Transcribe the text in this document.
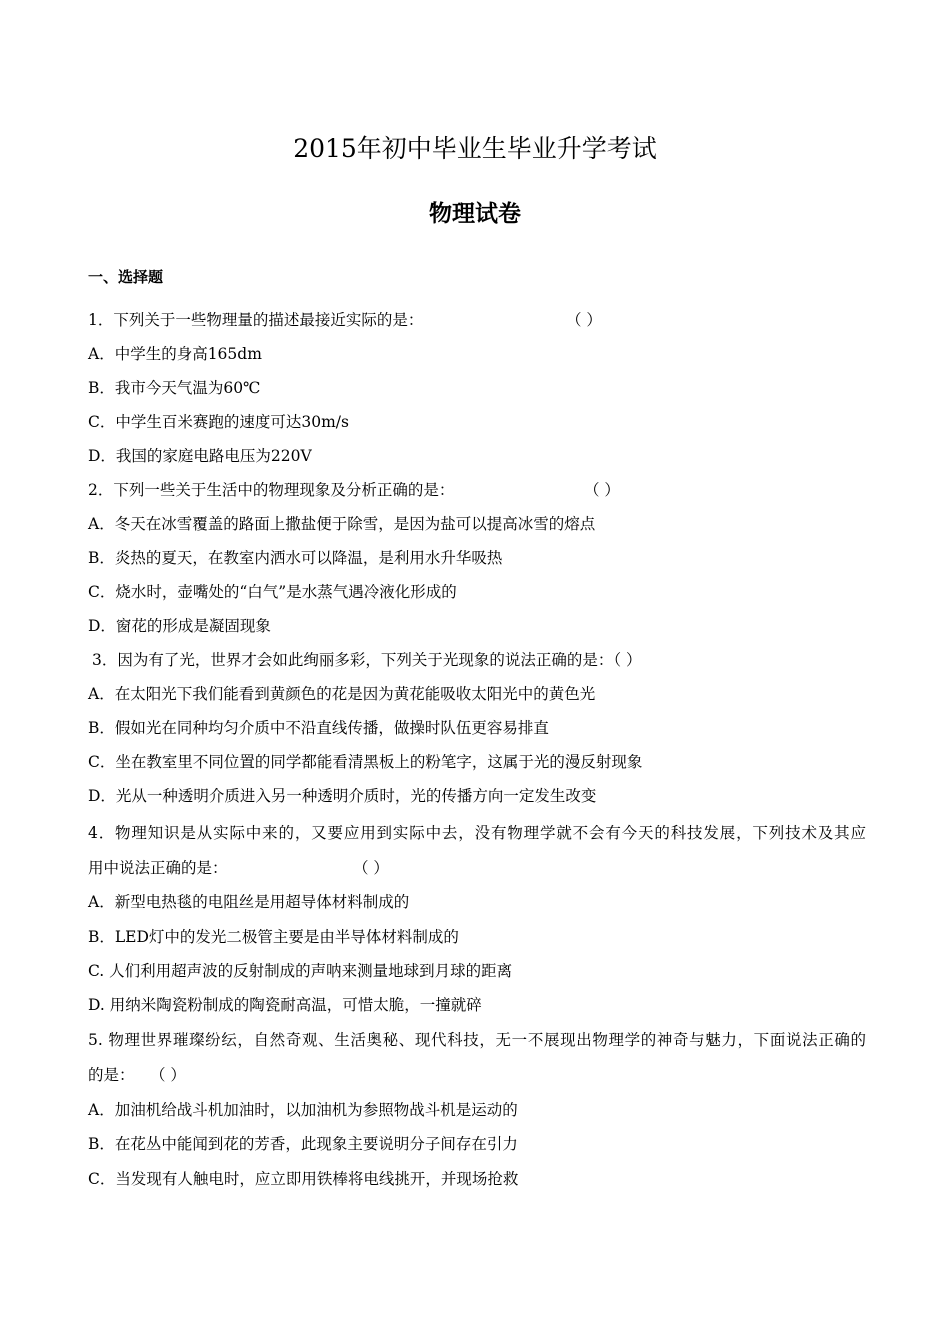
2015年初中毕业生毕业升学考试
物理试卷
一、选择题
1．下列关于一些物理量的描述最接近实际的是：	（ ）
A．中学生的身高165dm
B．我市今天气温为60℃
C．中学生百米赛跑的速度可达30m/s
D．我国的家庭电路电压为220V
2．下列一些关于生活中的物理现象及分析正确的是：	（ ）
A．冬天在冰雪覆盖的路面上撒盐便于除雪，是因为盐可以提高冰雪的熔点
B．炎热的夏天，在教室内洒水可以降温，是利用水升华吸热
C．烧水时，壶嘴处的“白气”是水蒸气遇冷液化形成的
D．窗花的形成是凝固现象
3．因为有了光，世界才会如此绚丽多彩，下列关于光现象的说法正确的是：（ ）
A．在太阳光下我们能看到黄颜色的花是因为黄花能吸收太阳光中的黄色光
B．假如光在同种均匀介质中不沿直线传播，做操时队伍更容易排直
C．坐在教室里不同位置的同学都能看清黑板上的粉笔字，这属于光的漫反射现象
D．光从一种透明介质进入另一种透明介质时，光的传播方向一定发生改变
4．物理知识是从实际中来的，又要应用到实际中去，没有物理学就不会有今天的科技发展，下列技术及其应
用中说法正确的是：	（ ）
A．新型电热毯的电阻丝是用超导体材料制成的
B．LED灯中的发光二极管主要是由半导体材料制成的
C. 人们利用超声波的反射制成的声呐来测量地球到月球的距离
D. 用纳米陶瓷粉制成的陶瓷耐高温，可惜太脆，一撞就碎
5. 物理世界璀璨纷纭，自然奇观、生活奥秘、现代科技，无一不展现出物理学的神奇与魅力，下面说法正确的
的是： （ ）
A．加油机给战斗机加油时，以加油机为参照物战斗机是运动的
B．在花丛中能闻到花的芳香，此现象主要说明分子间存在引力
C．当发现有人触电时，应立即用铁棒将电线挑开，并现场抢救
